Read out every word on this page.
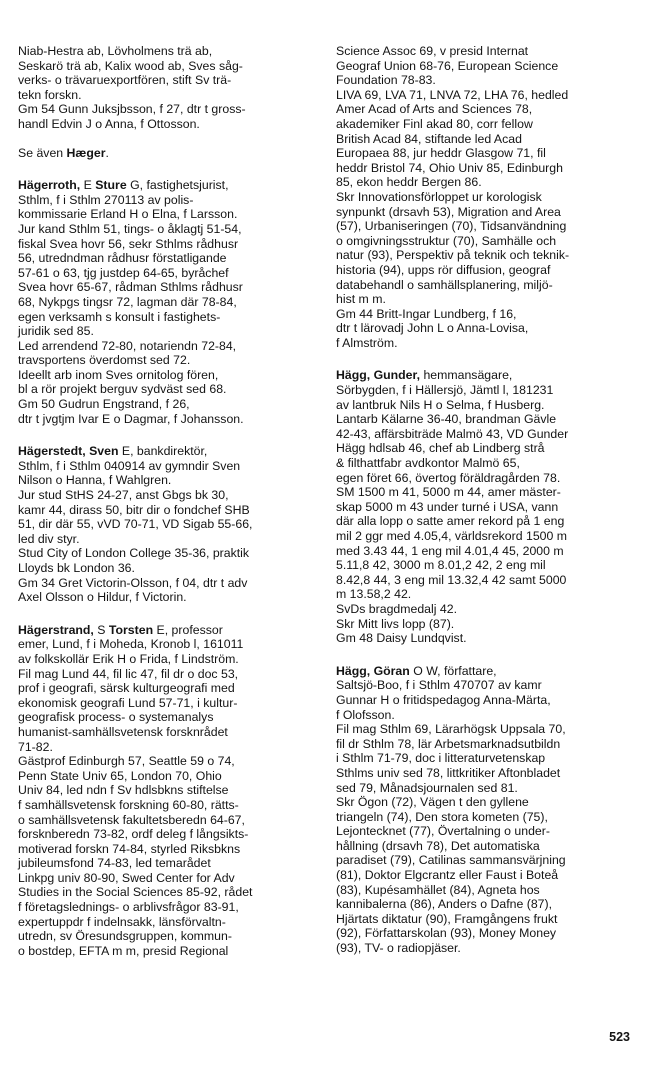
Niab-Hestra ab, Lövholmens trä ab,

Seskarö trä ab, Kalix wood ab, Sves såg-

verks- o trävaruexportfören, stift Sv trä-

tekn forskn.

Gm 54 Gunn Juksjbsson, f 27, dtr t gross-

handl Edvin J o Anna, f Ottosson.

Se även Hæger.

Hägerroth, E Sture G, fastighetsjurist,

Sthlm, f i Sthlm 270113 av polis-

kommissarie Erland H o Elna, f Larsson.

Jur kand Sthlm 51, tings- o åklagtj 51-54,

fiskal Svea hovr 56, sekr Sthlms rådhusr

56, utredndman rådhusr förstatligande

57-61 o 63, tjg justdep 64-65, byråchef

Svea hovr 65-67, rådman Sthlms rådhusr

68, Nykpgs tingsr 72, lagman där 78-84,

egen verksamh s konsult i fastighets-

juridik sed 85.

Led arrendend 72-80, notariendn 72-84,

travsportens överdomst sed 72.

Ideellt arb inom Sves ornitolog fören,

bl a rör projekt berguv sydväst sed 68.

Gm 50 Gudrun Engstrand, f 26,

dtr t jvgtjm Ivar E o Dagmar, f Johansson.

Hägerstedt, Sven E, bankdirektör,

Sthlm, f i Sthlm 040914 av gymndir Sven

Nilson o Hanna, f Wahlgren.

Jur stud StHS 24-27, anst Gbgs bk 30,

kamr 44, dirass 50, bitr dir o fondchef SHB

51, dir där 55, vVD 70-71, VD Sigab 55-66,

led div styr.

Stud City of London College 35-36, praktik

Lloyds bk London 36.

Gm 34 Gret Victorin-Olsson, f 04, dtr t adv

Axel Olsson o Hildur, f Victorin.

Hägerstrand, S Torsten E, professor

emer, Lund, f i Moheda, Kronob l, 161011

av folkskollär Erik H o Frida, f Lindström.

Fil mag Lund 44, fil lic 47, fil dr o doc 53,

prof i geografi, särsk kulturgeografi med

ekonomisk geografi Lund 57-71, i kultur-

geografisk process- o systemanalys

humanist-samhällsvetensk forsknrådet

71-82.

Gästprof Edinburgh 57, Seattle 59 o 74,

Penn State Univ 65, London 70, Ohio

Univ 84, led ndn f Sv hdlsbkns stiftelse

f samhällsvetensk forskning 60-80, rätts-

o samhällsvetensk fakultetsberedn 64-67,

forsknberedn 73-82, ordf deleg f långsikts-

motiverad forskn 74-84, styrled Riksbkns

jubileumsfond 74-83, led temarådet

Linkpg univ 80-90, Swed Center for Adv

Studies in the Social Sciences 85-92, rådet

f företagslednings- o arblivsfrågor 83-91,

expertuppdr f indelnsakk, länsförvaltn-

utredn, sv Öresundsgruppen, kommun-

o bostdep, EFTA m m, presid Regional

Science Assoc 69, v presid Internat

Geograf Union 68-76, European Science

Foundation 78-83.

LIVA 69, LVA 71, LNVA 72, LHA 76, hedled

Amer Acad of Arts and Sciences 78,

akademiker Finl akad 80, corr fellow

British Acad 84, stiftande led Acad

Europaea 88, jur heddr Glasgow 71, fil

heddr Bristol 74, Ohio Univ 85, Edinburgh

85, ekon heddr Bergen 86.

Skr Innovationsförloppet ur korologisk

synpunkt (drsavh 53), Migration and Area

(57), Urbaniseringen (70), Tidsanvändning

o omgivningsstruktur (70), Samhälle och

natur (93), Perspektiv på teknik och teknik-

historia (94), upps rör diffusion, geograf

databehandl o samhällsplanering, miljö-

hist m m.

Gm 44 Britt-Ingar Lundberg, f 16,

dtr t lärovadj John L o Anna-Lovisa,

f Almström.

Hägg, Gunder, hemmansägare,

Sörbygden, f i Hällersjö, Jämtl l, 181231

av lantbruk Nils H o Selma, f Husberg.

Lantarb Kälarne 36-40, brandman Gävle

42-43, affärsbiträde Malmö 43, VD Gunder

Hägg hdlsab 46, chef ab Lindberg strå

& filthattfabr avdkontor Malmö 65,

egen föret 66, övertog föräldragården 78.

SM 1500 m 41, 5000 m 44, amer mäster-

skap 5000 m 43 under turné i USA, vann

där alla lopp o satte amer rekord på 1 eng

mil 2 ggr med 4.05,4, världsrekord 1500 m

med 3.43 44, 1 eng mil 4.01,4 45, 2000 m

5.11,8 42, 3000 m 8.01,2 42, 2 eng mil

8.42,8 44, 3 eng mil 13.32,4 42 samt 5000

m 13.58,2 42.

SvDs bragdmedalj 42.

Skr Mitt livs lopp (87).

Gm 48 Daisy Lundqvist.

Hägg, Göran O W, författare,

Saltsjö-Boo, f i Sthlm 470707 av kamr

Gunnar H o fritidspedagog Anna-Märta,

f Olofsson.

Fil mag Sthlm 69, Lärarhögsk Uppsala 70,

fil dr Sthlm 78, lär Arbetsmarknadsutbildn

i Sthlm 71-79, doc i litteraturvetenskap

Sthlms univ sed 78, littkritiker Aftonbladet

sed 79, Månadsjournalen sed 81.

Skr Ögon (72), Vägen t den gyllene

triangeln (74), Den stora kometen (75),

Lejontecknet (77), Övertalning o under-

hållning (drsavh 78), Det automatiska

paradiset (79), Catilinas sammansvärjning

(81), Doktor Elgcrantz eller Faust i Boteå

(83), Kupésamhället (84), Agneta hos

kannibalerna (86), Anders o Dafne (87),

Hjärtats diktatur (90), Framgångens frukt

(92), Författarskolan (93), Money Money

(93), TV- o radiopjäser.

523
